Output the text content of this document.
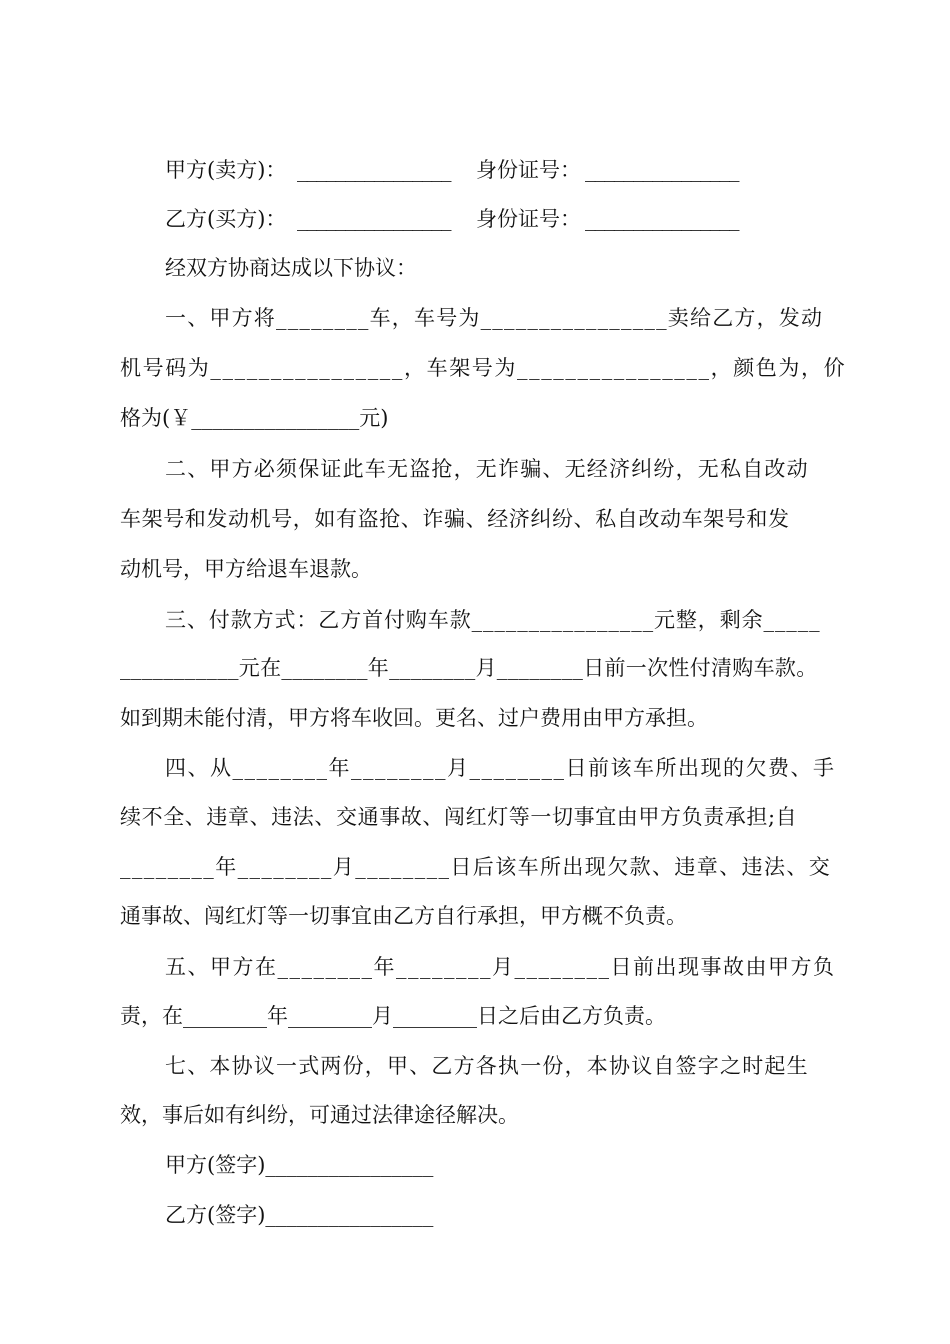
甲方(卖方)： ________________ 身份证号： ________________
乙方(买方)： ________________ 身份证号： ________________
经双方协商达成以下协议：
一、甲方将________车，车号为________________卖给乙方，发动
机号码为________________，车架号为________________，颜色为，价
格为(￥________________元)
二、甲方必须保证此车无盗抢，无诈骗、无经济纠纷，无私自改动
车架号和发动机号，如有盗抢、诈骗、经济纠纷、私自改动车架号和发
动机号，甲方给退车退款。
三、付款方式：乙方首付购车款________________元整，剩余_____
___________元在________年________月________日前一次性付清购车款。
如到期未能付清，甲方将车收回。更名、过户费用由甲方承担。
四、从________年________月________日前该车所出现的欠费、手
续不全、违章、违法、交通事故、闯红灯等一切事宜由甲方负责承担;自
________年________月________日后该车所出现欠款、违章、违法、交
通事故、闯红灯等一切事宜由乙方自行承担，甲方概不负责。
五、甲方在________年________月________日前出现事故由甲方负
责，在________年________月________日之后由乙方负责。
七、本协议一式两份，甲、乙方各执一份，本协议自签字之时起生
效，事后如有纠纷，可通过法律途径解决。
甲方(签字)________________
乙方(签字)________________
